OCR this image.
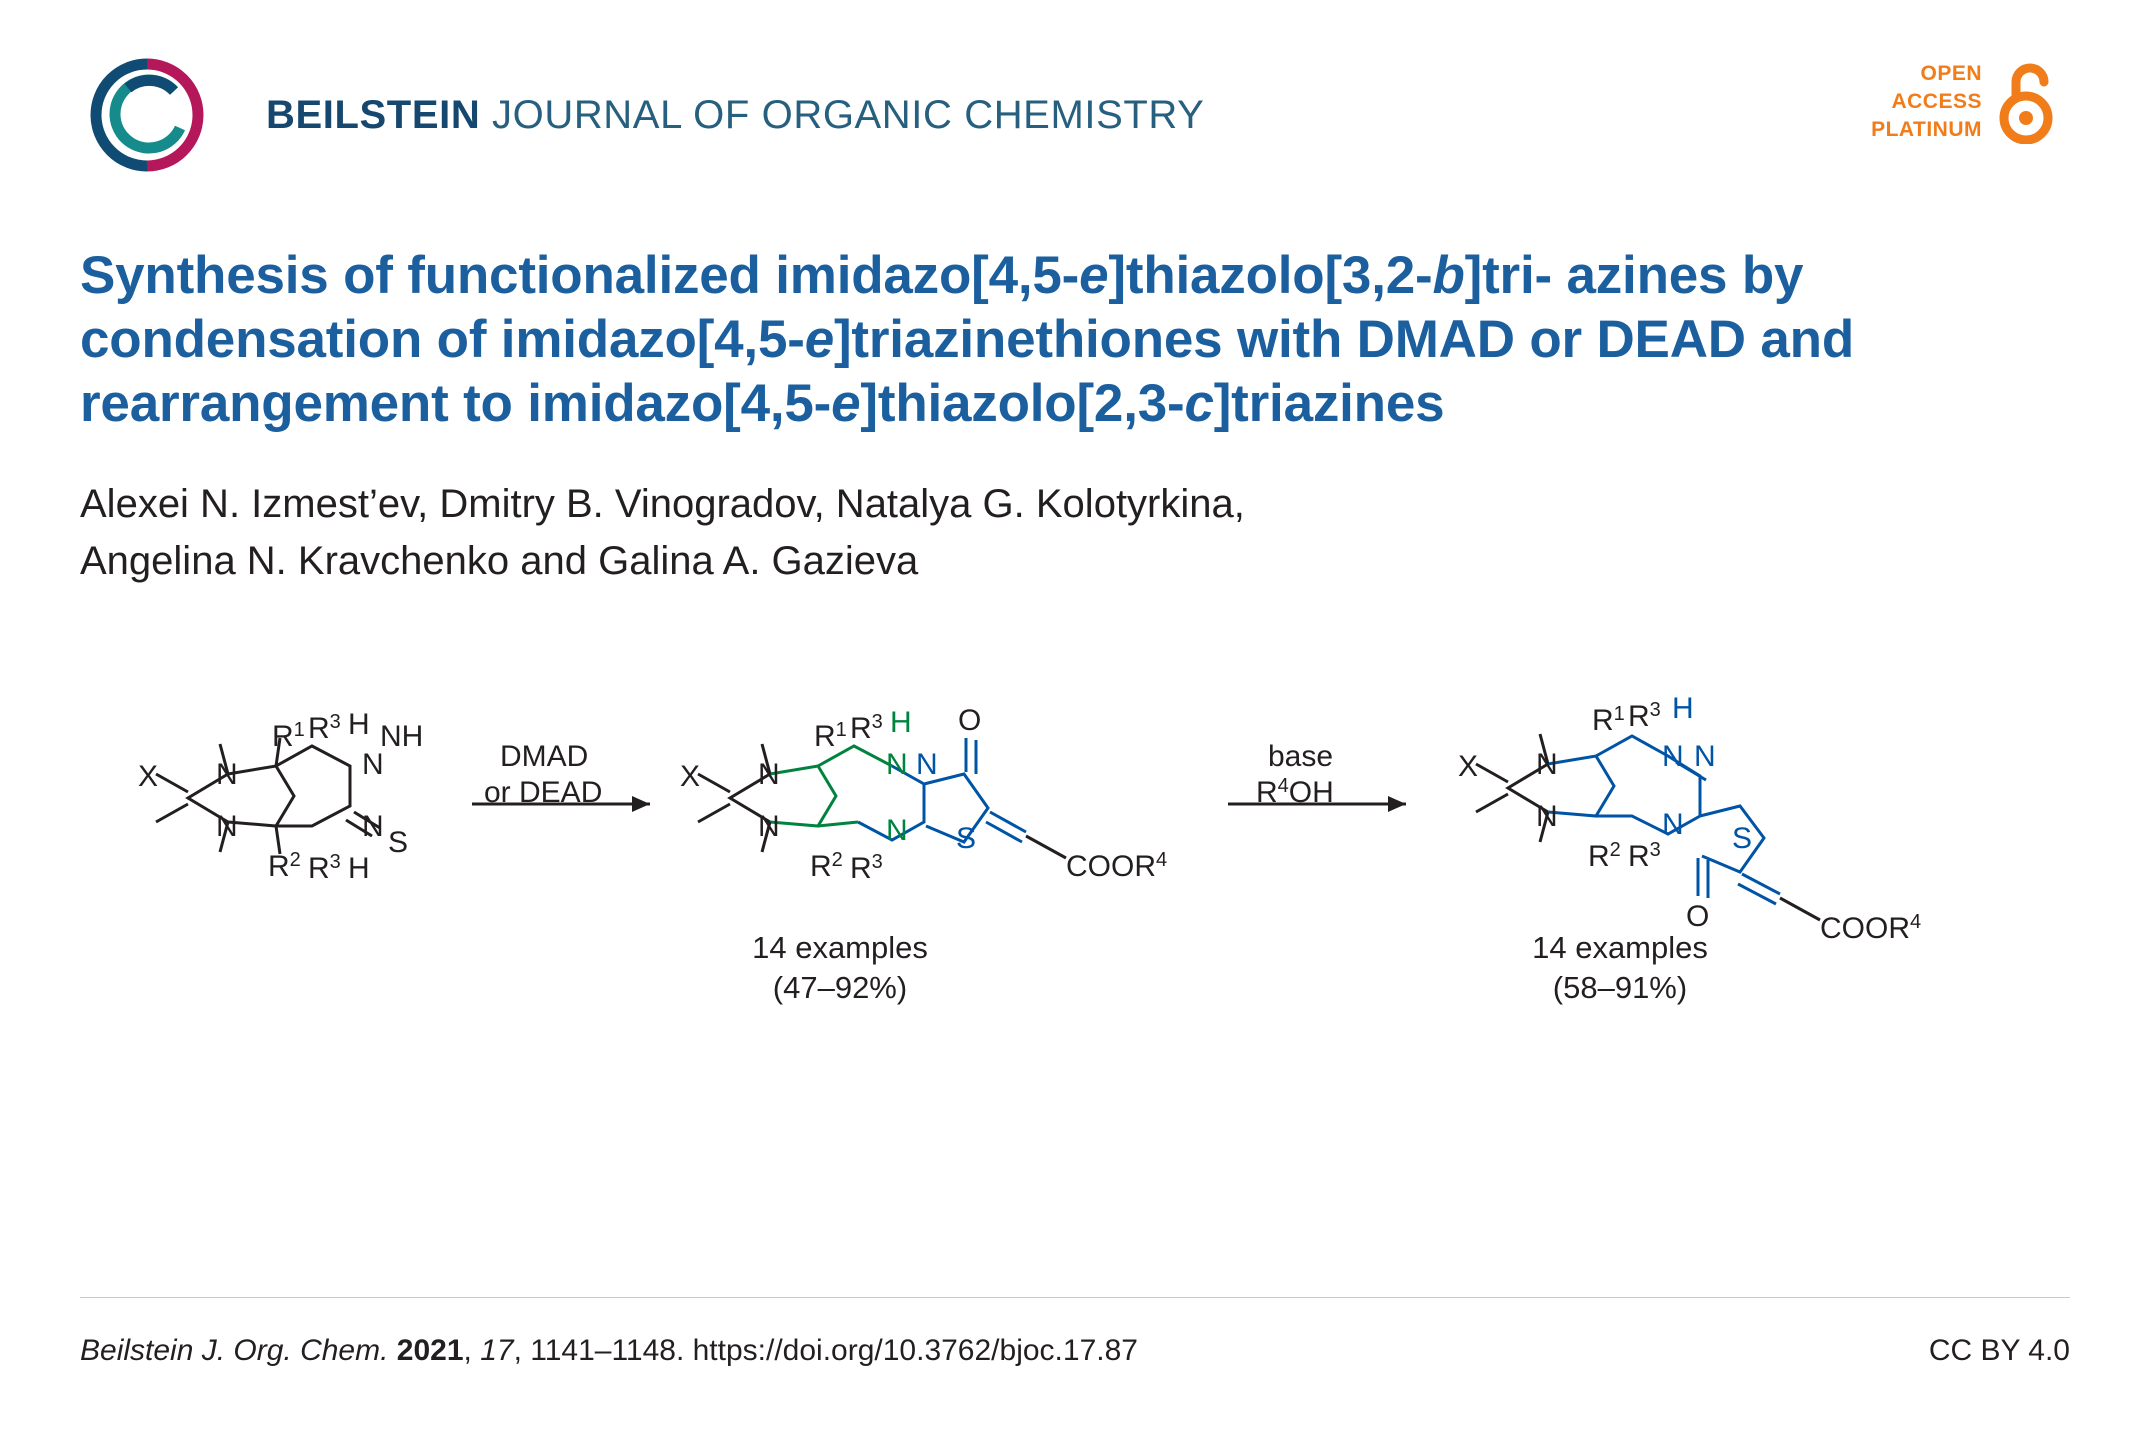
BEILSTEIN JOURNAL OF ORGANIC CHEMISTRY
OPEN
ACCESS
PLATINUM
Synthesis of functionalized imidazo[4,5-e]thiazolo[3,2-b]tri- azines by condensation of imidazo[4,5-e]triazinethiones with DMAD or DEAD and rearrangement to imidazo[4,5-e]thiazolo[2,3-c]triazines
Alexei N. Izmest’ev, Dmitry B. Vinogradov, Natalya G. Kolotyrkina,
Angelina N. Kravchenko and Galina A. Gazieva
X N
N
$R^1$
$R^2$
$R^3$
$R^3$
H
H
N
NH
N S
DMAD
or DEAD	X N
N
$R^1$
$R^2$
$R^3$
$R^3$
H
N N
N S
O
COOR$^4$
base
$R^4OH$
X N
N
$R^1$
$R^2$
$R^3$
$R^3$
H
N N
N S
O	COOR$^4$
14 examples
(47–92%)
14 examples
(58–91%)
Beilstein J. Org. Chem. 2021, 17, 1141–1148. https://doi.org/10.3762/bjoc.17.87	CC BY 4.0
